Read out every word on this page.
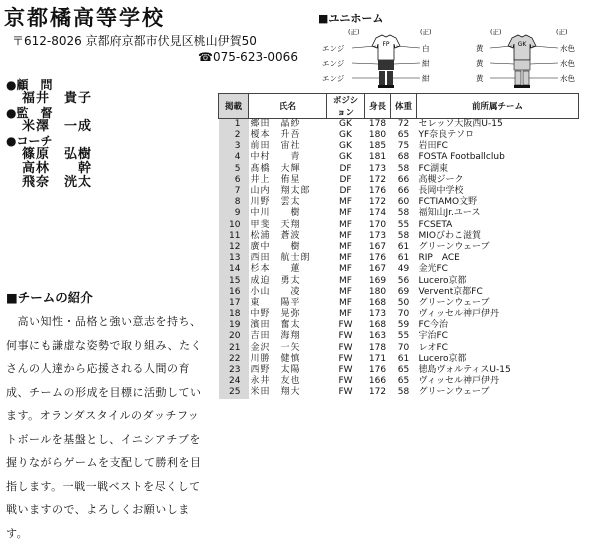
京都橘高等学校
〒612-8026 京都府京都市伏見区桃山伊賀50
☎075-623-0066
●顧　問
福井　貴子
●監　督
米澤　一成
●コーチ
篠原　弘樹
高林　　幹
飛奈　洸太
■チームの紹介
　高い知性・品格と強い意志を持ち、何事にも謙虚な姿勢で取り組み、たくさんの人達から応援される人間の育成、チームの形成を目標に活動しています。オランダスタイルのダッチフットボールを基盤とし、イニシアチブを握りながらゲームを支配して勝利を目指します。一戦一戦ベストを尽くして戦いますので、よろしくお願いします。
■ユニホーム
(正)	(正)
FP
エンジ
エンジ
エンジ
白
紺
紺
(正)	(正)
GK
黄
黄
黄
水色
水色
水色
掲載	氏名	ポジション	身長	体重	前所属チーム
1	郷田　晶紗	GK	178	72	セレッソ大阪西U-15
2	榎本　升吾	GK	180	65	YF奈良テソロ
3	前田　宙社	GK	185	75	岩田FC
4	中村　　青	GK	181	68	FOSTA Footballclub
5	髙橋　大輝	DF	173	58	FC湖東
6	井上　侑星	DF	172	66	高槻ジーク
7	山内　翔太郎	DF	176	66	長岡中学校
8	川野　雲太	MF	172	60	FCTIAMO文野
9	中川　　樹	MF	174	58	福知山Jr.ユース
10	甲斐　天翔	MF	170	55	FCSETA
11	松浦　蒼波	MF	173	58	MIOびわこ滋賀
12	廣中　　樹	MF	167	61	グリーンウェーブ
13	西田　航士朗	MF	176	61	RIP　ACE
14	杉本　　蓮	MF	167	49	金光FC
15	成迫　勇太	MF	169	56	Lucero京都
16	小山　　凌	MF	180	69	Vervent京都FC
17	東　　陽平	MF	168	50	グリーンウェーブ
18	中野　晃弥	MF	173	70	ヴィッセル神戸伊丹
19	濱田　奮太	FW	168	59	FC今治
20	吉田　海翔	FW	163	55	宇治FC
21	金沢　一矢	FW	178	70	レオFC
22	川勝　健慎	FW	171	61	Lucero京都
23	西野　太陽	FW	176	65	徳島ヴォルティスU-15
24	永井　友也	FW	166	65	ヴィッセル神戸伊丹
25	米田　翔大	FW	172	58	グリーンウェーブ
